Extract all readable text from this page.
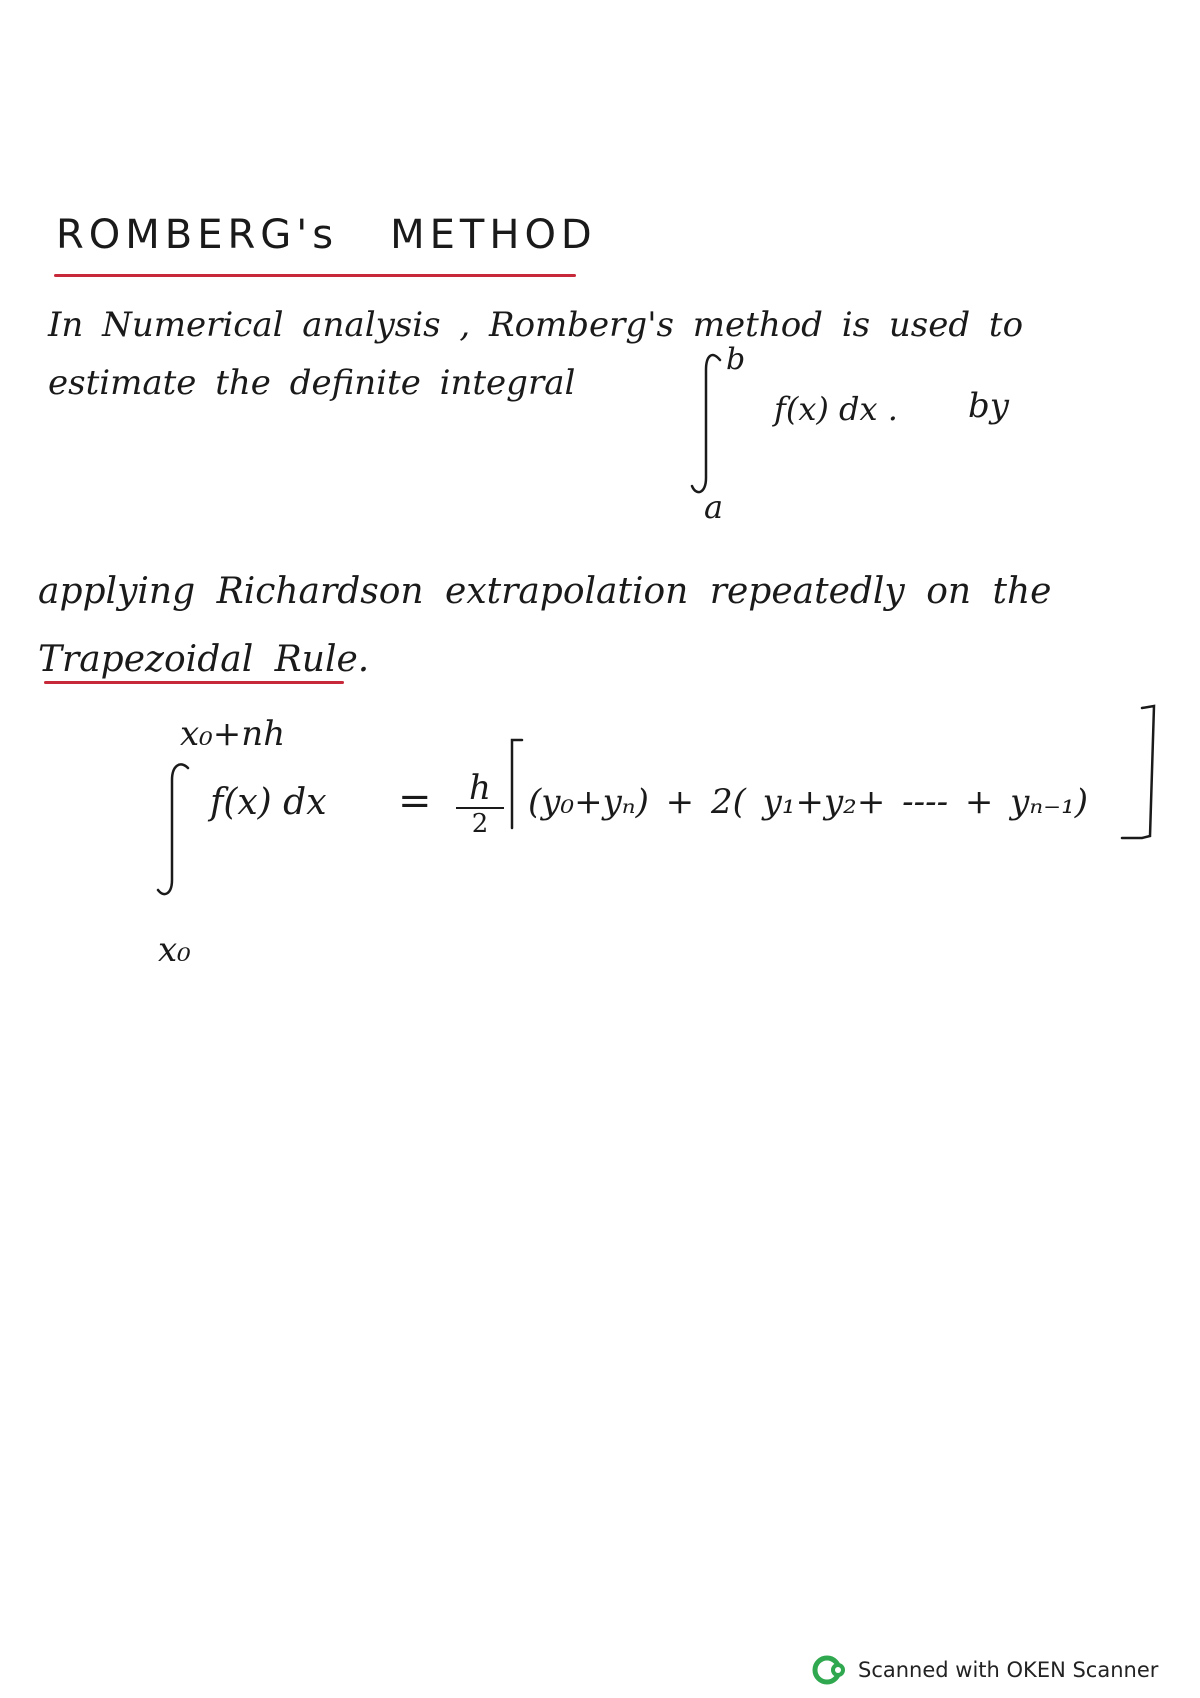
ROMBERG's METHOD
In Numerical analysis , Romberg's method is used to
estimate the definite integral
b
a
f(x) dx . by
applying Richardson extrapolation repeatedly on the
Trapezoidal Rule.
x₀+nh
x₀
f(x) dx = h
2
(y₀+yₙ) + 2( y₁+y₂+ ---- + yₙ₋₁)
Scanned with OKEN Scanner
